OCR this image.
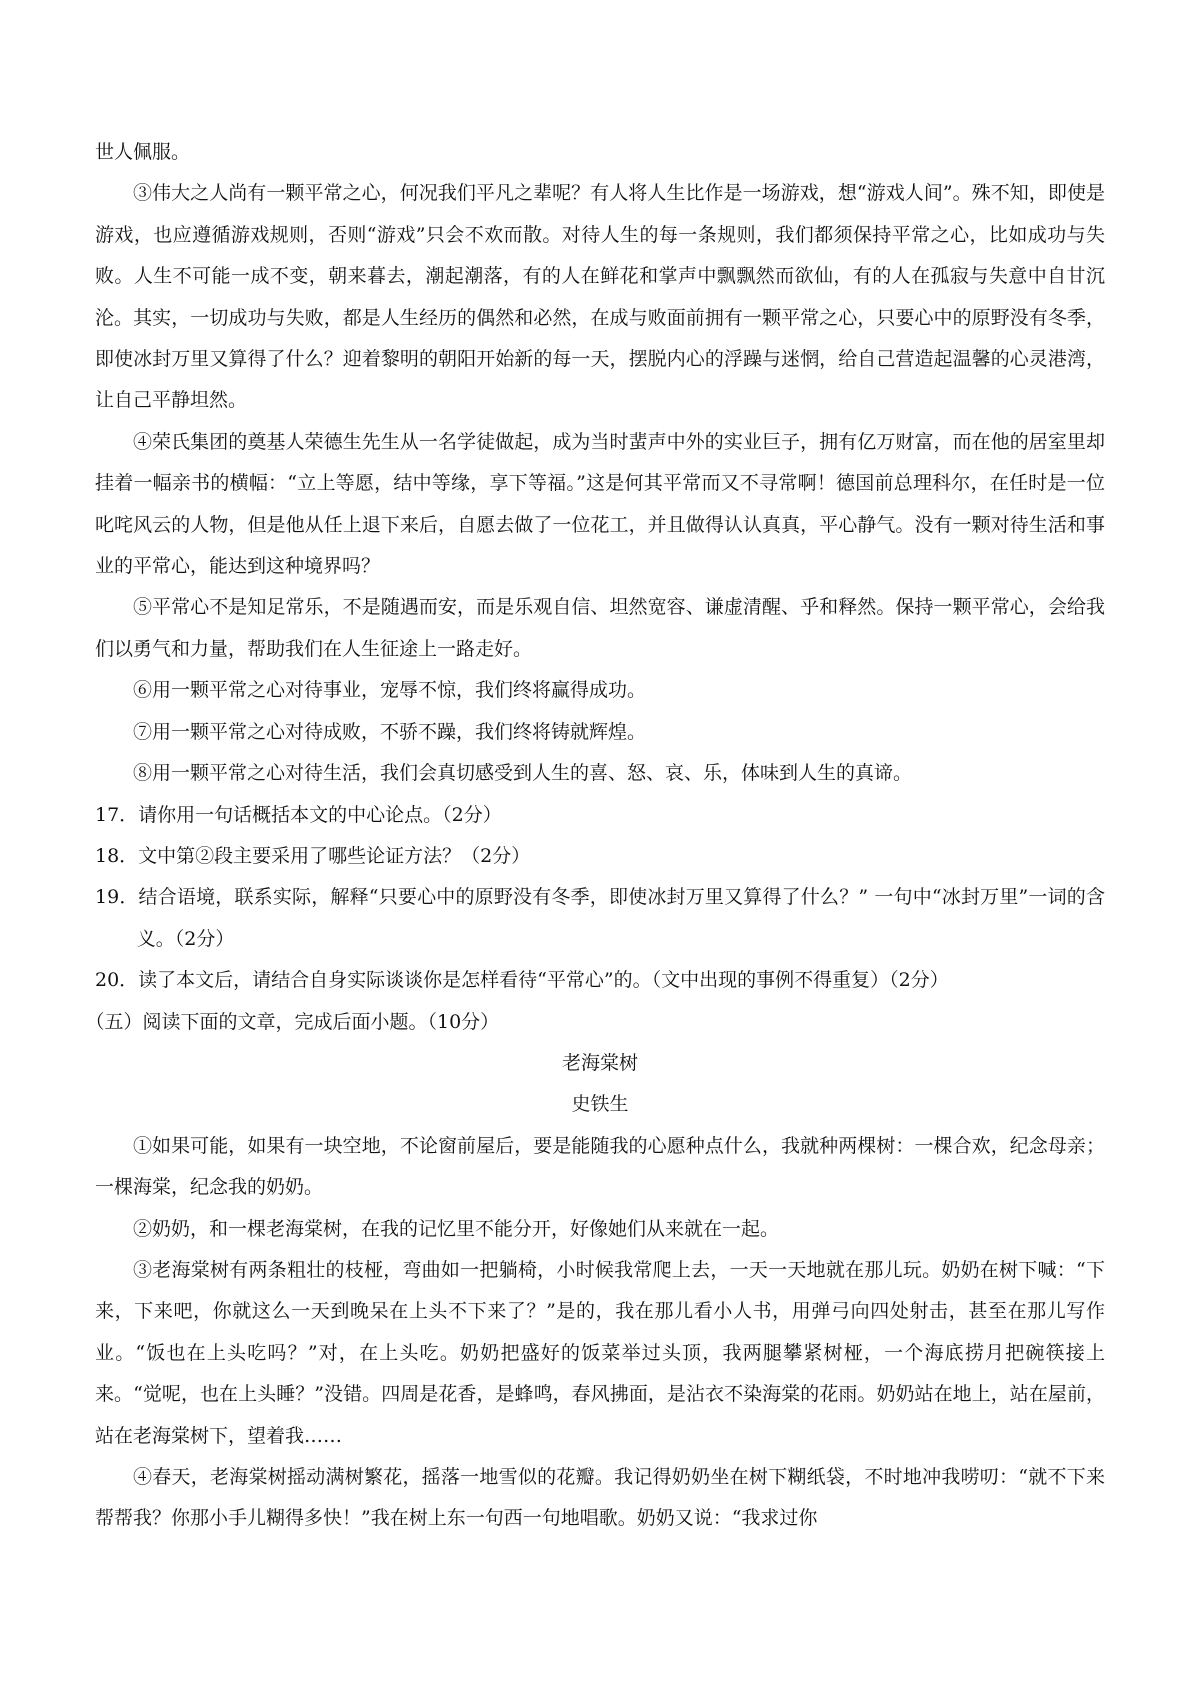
世人佩服。

③伟大之人尚有一颗平常之心，何况我们平凡之辈呢？有人将人生比作是一场游戏，想“游戏人间”。殊不知，即使是游戏，也应遵循游戏规则，否则“游戏”只会不欢而散。对待人生的每一条规则，我们都须保持平常之心，比如成功与失败。人生不可能一成不变，朝来暮去，潮起潮落，有的人在鲜花和掌声中飘飘然而欲仙，有的人在孤寂与失意中自甘沉沦。其实，一切成功与失败，都是人生经历的偶然和必然，在成与败面前拥有一颗平常之心，只要心中的原野没有冬季，即使冰封万里又算得了什么？迎着黎明的朝阳开始新的每一天，摆脱内心的浮躁与迷惘，给自己营造起温馨的心灵港湾，让自己平静坦然。

④荣氏集团的奠基人荣德生先生从一名学徒做起，成为当时蜚声中外的实业巨子，拥有亿万财富，而在他的居室里却挂着一幅亲书的横幅：“立上等愿，结中等缘，享下等福。”这是何其平常而又不寻常啊！德国前总理科尔，在任时是一位叱咤风云的人物，但是他从任上退下来后，自愿去做了一位花工，并且做得认认真真，平心静气。没有一颗对待生活和事业的平常心，能达到这种境界吗？

⑤平常心不是知足常乐，不是随遇而安，而是乐观自信、坦然宽容、谦虚清醒、乎和释然。保持一颗平常心，会给我们以勇气和力量，帮助我们在人生征途上一路走好。

⑥用一颗平常之心对待事业，宠辱不惊，我们终将赢得成功。

⑦用一颗平常之心对待成败，不骄不躁，我们终将铸就辉煌。

⑧用一颗平常之心对待生活，我们会真切感受到人生的喜、怒、哀、乐，体味到人生的真谛。

17．请你用一句话概括本文的中心论点。（2分）

18．文中第②段主要采用了哪些论证方法？（2分）

19．结合语境，联系实际，解释“只要心中的原野没有冬季，即使冰封万里又算得了什么？” 一句中“冰封万里”一词的含义。（2分）

20．读了本文后，请结合自身实际谈谈你是怎样看待“平常心”的。（文中出现的事例不得重复）（2分）

（五）阅读下面的文章，完成后面小题。（10分）

老海棠树

史铁生

①如果可能，如果有一块空地，不论窗前屋后，要是能随我的心愿种点什么，我就种两棵树：一棵合欢，纪念母亲；一棵海棠，纪念我的奶奶。

②奶奶，和一棵老海棠树，在我的记忆里不能分开，好像她们从来就在一起。

③老海棠树有两条粗壮的枝桠，弯曲如一把躺椅，小时候我常爬上去，一天一天地就在那儿玩。奶奶在树下喊：“下来，下来吧，你就这么一天到晚呆在上头不下来了？”是的，我在那儿看小人书，用弹弓向四处射击，甚至在那儿写作业。“饭也在上头吃吗？”对，在上头吃。奶奶把盛好的饭菜举过头顶，我两腿攀紧树桠，一个海底捞月把碗筷接上来。“觉呢，也在上头睡？”没错。四周是花香，是蜂鸣，春风拂面，是沾衣不染海棠的花雨。奶奶站在地上，站在屋前，站在老海棠树下，望着我……

④春天，老海棠树摇动满树繁花，摇落一地雪似的花瓣。我记得奶奶坐在树下糊纸袋，不时地冲我唠叨：“就不下来帮帮我？你那小手儿糊得多快！”我在树上东一句西一句地唱歌。奶奶又说：“我求过你
